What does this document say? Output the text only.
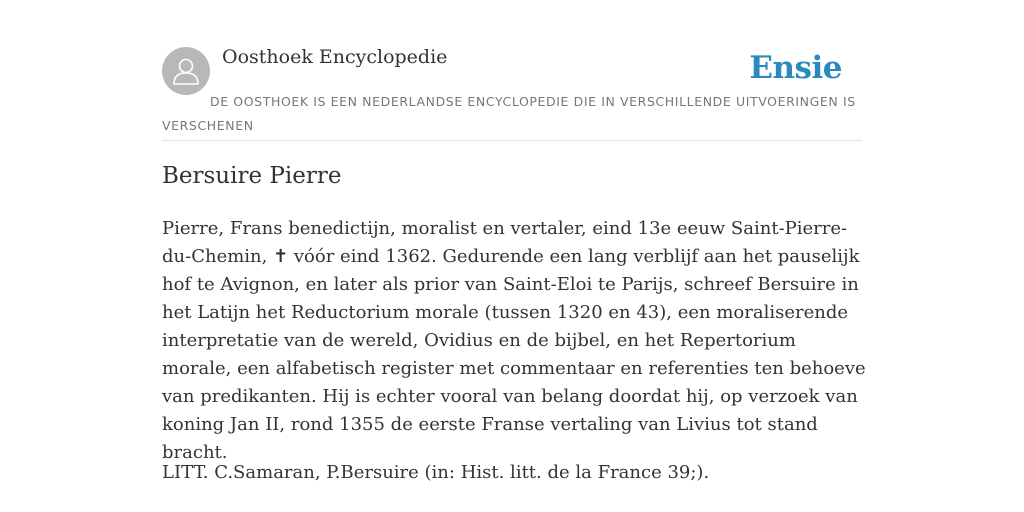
Oosthoek Encyclopedie	Ensie
DE OOSTHOEK IS EEN NEDERLANDSE ENCYCLOPEDIE DIE IN VERSCHILLENDE UITVOERINGEN IS VERSCHENEN
Bersuire Pierre

Pierre, Frans benedictijn, moralist en vertaler, eind 13e eeuw Saint-Pierre-du-Chemin, ✝ vóór eind 1362. Gedurende een lang verblijf aan het pauselijk hof te Avignon, en later als prior van Saint-Eloi te Parijs, schreef Bersuire in het Latijn het Reductorium morale (tussen 1320 en 43), een moraliserende interpretatie van de wereld, Ovidius en de bijbel, en het Repertorium morale, een alfabetisch register met commentaar en referenties ten behoeve van predikanten. Hij is echter vooral van belang doordat hij, op verzoek van koning Jan II, rond 1355 de eerste Franse vertaling van Livius tot stand bracht.

LITT. C.Samaran, P.Bersuire (in: Hist. litt. de la France 39;).
